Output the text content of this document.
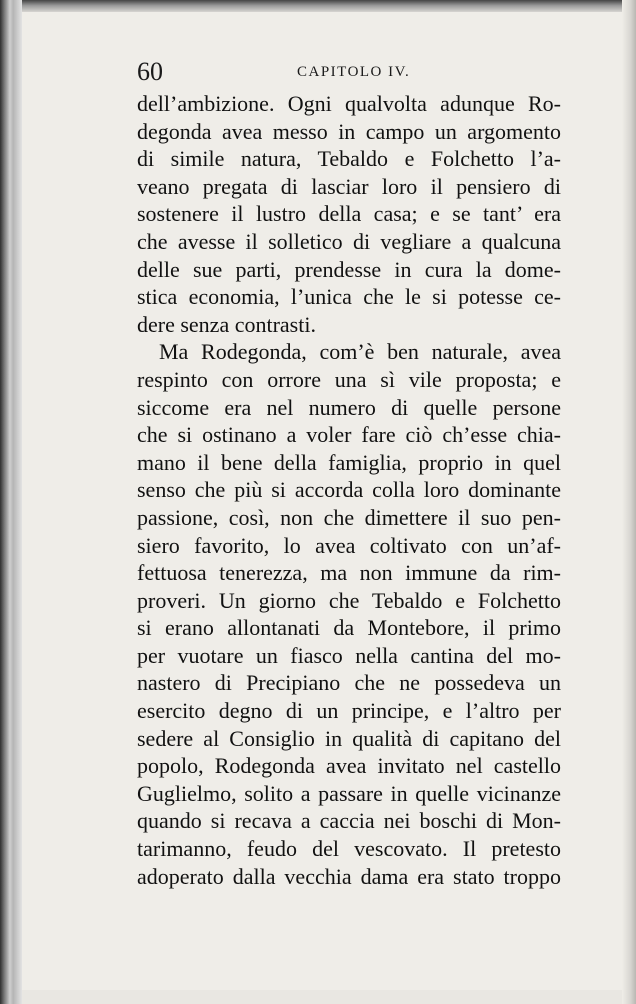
60	CAPITOLO IV.
dell’ambizione. Ogni qualvolta adunque Ro-
degonda avea messo in campo un argomento
di simile natura, Tebaldo e Folchetto l’a-
veano pregata di lasciar loro il pensiero di
sostenere il lustro della casa; e se tant’ era
che avesse il solletico di vegliare a qualcuna
delle sue parti, prendesse in cura la dome-
stica economia, l’unica che le si potesse ce-
dere senza contrasti.
Ma Rodegonda, com’è ben naturale, avea
respinto con orrore una sì vile proposta; e
siccome era nel numero di quelle persone
che si ostinano a voler fare ciò ch’esse chia-
mano il bene della famiglia, proprio in quel
senso che più si accorda colla loro dominante
passione, così, non che dimettere il suo pen-
siero favorito, lo avea coltivato con un’af-
fettuosa tenerezza, ma non immune da rim-
proveri. Un giorno che Tebaldo e Folchetto
si erano allontanati da Montebore, il primo
per vuotare un fiasco nella cantina del mo-
nastero di Precipiano che ne possedeva un
esercito degno di un principe, e l’altro per
sedere al Consiglio in qualità di capitano del
popolo, Rodegonda avea invitato nel castello
Guglielmo, solito a passare in quelle vicinanze
quando si recava a caccia nei boschi di Mon-
tarimanno, feudo del vescovato. Il pretesto
adoperato dalla vecchia dama era stato troppo
